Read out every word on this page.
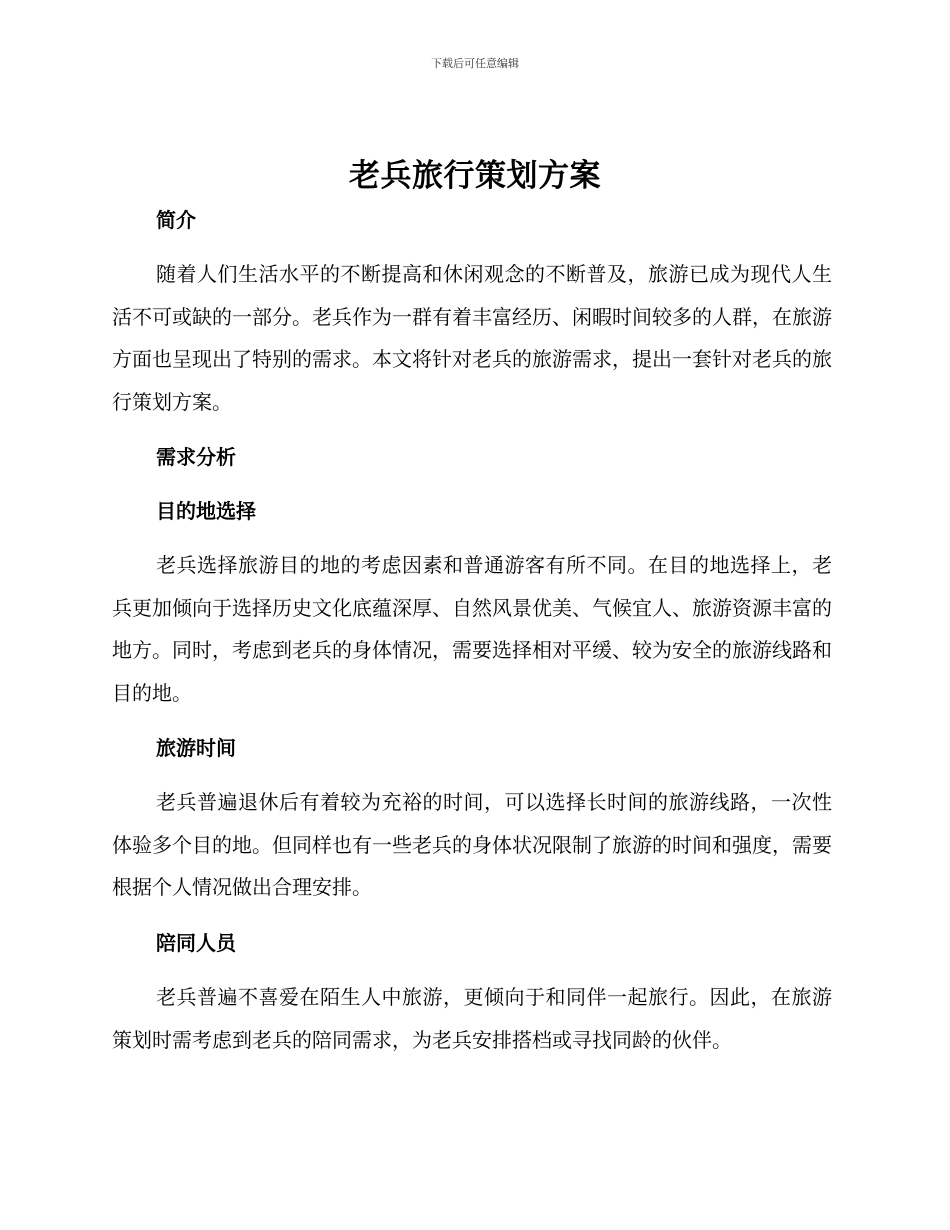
下载后可任意编辑
老兵旅行策划方案
简介

随着人们生活水平的不断提高和休闲观念的不断普及，旅游已成为现代人生活不可或缺的一部分。老兵作为一群有着丰富经历、闲暇时间较多的人群，在旅游方面也呈现出了特别的需求。本文将针对老兵的旅游需求，提出一套针对老兵的旅行策划方案。

需求分析
目的地选择

老兵选择旅游目的地的考虑因素和普通游客有所不同。在目的地选择上，老兵更加倾向于选择历史文化底蕴深厚、自然风景优美、气候宜人、旅游资源丰富的地方。同时，考虑到老兵的身体情况，需要选择相对平缓、较为安全的旅游线路和目的地。

旅游时间

老兵普遍退休后有着较为充裕的时间，可以选择长时间的旅游线路，一次性体验多个目的地。但同样也有一些老兵的身体状况限制了旅游的时间和强度，需要根据个人情况做出合理安排。

陪同人员

老兵普遍不喜爱在陌生人中旅游，更倾向于和同伴一起旅行。因此，在旅游策划时需考虑到老兵的陪同需求，为老兵安排搭档或寻找同龄的伙伴。
